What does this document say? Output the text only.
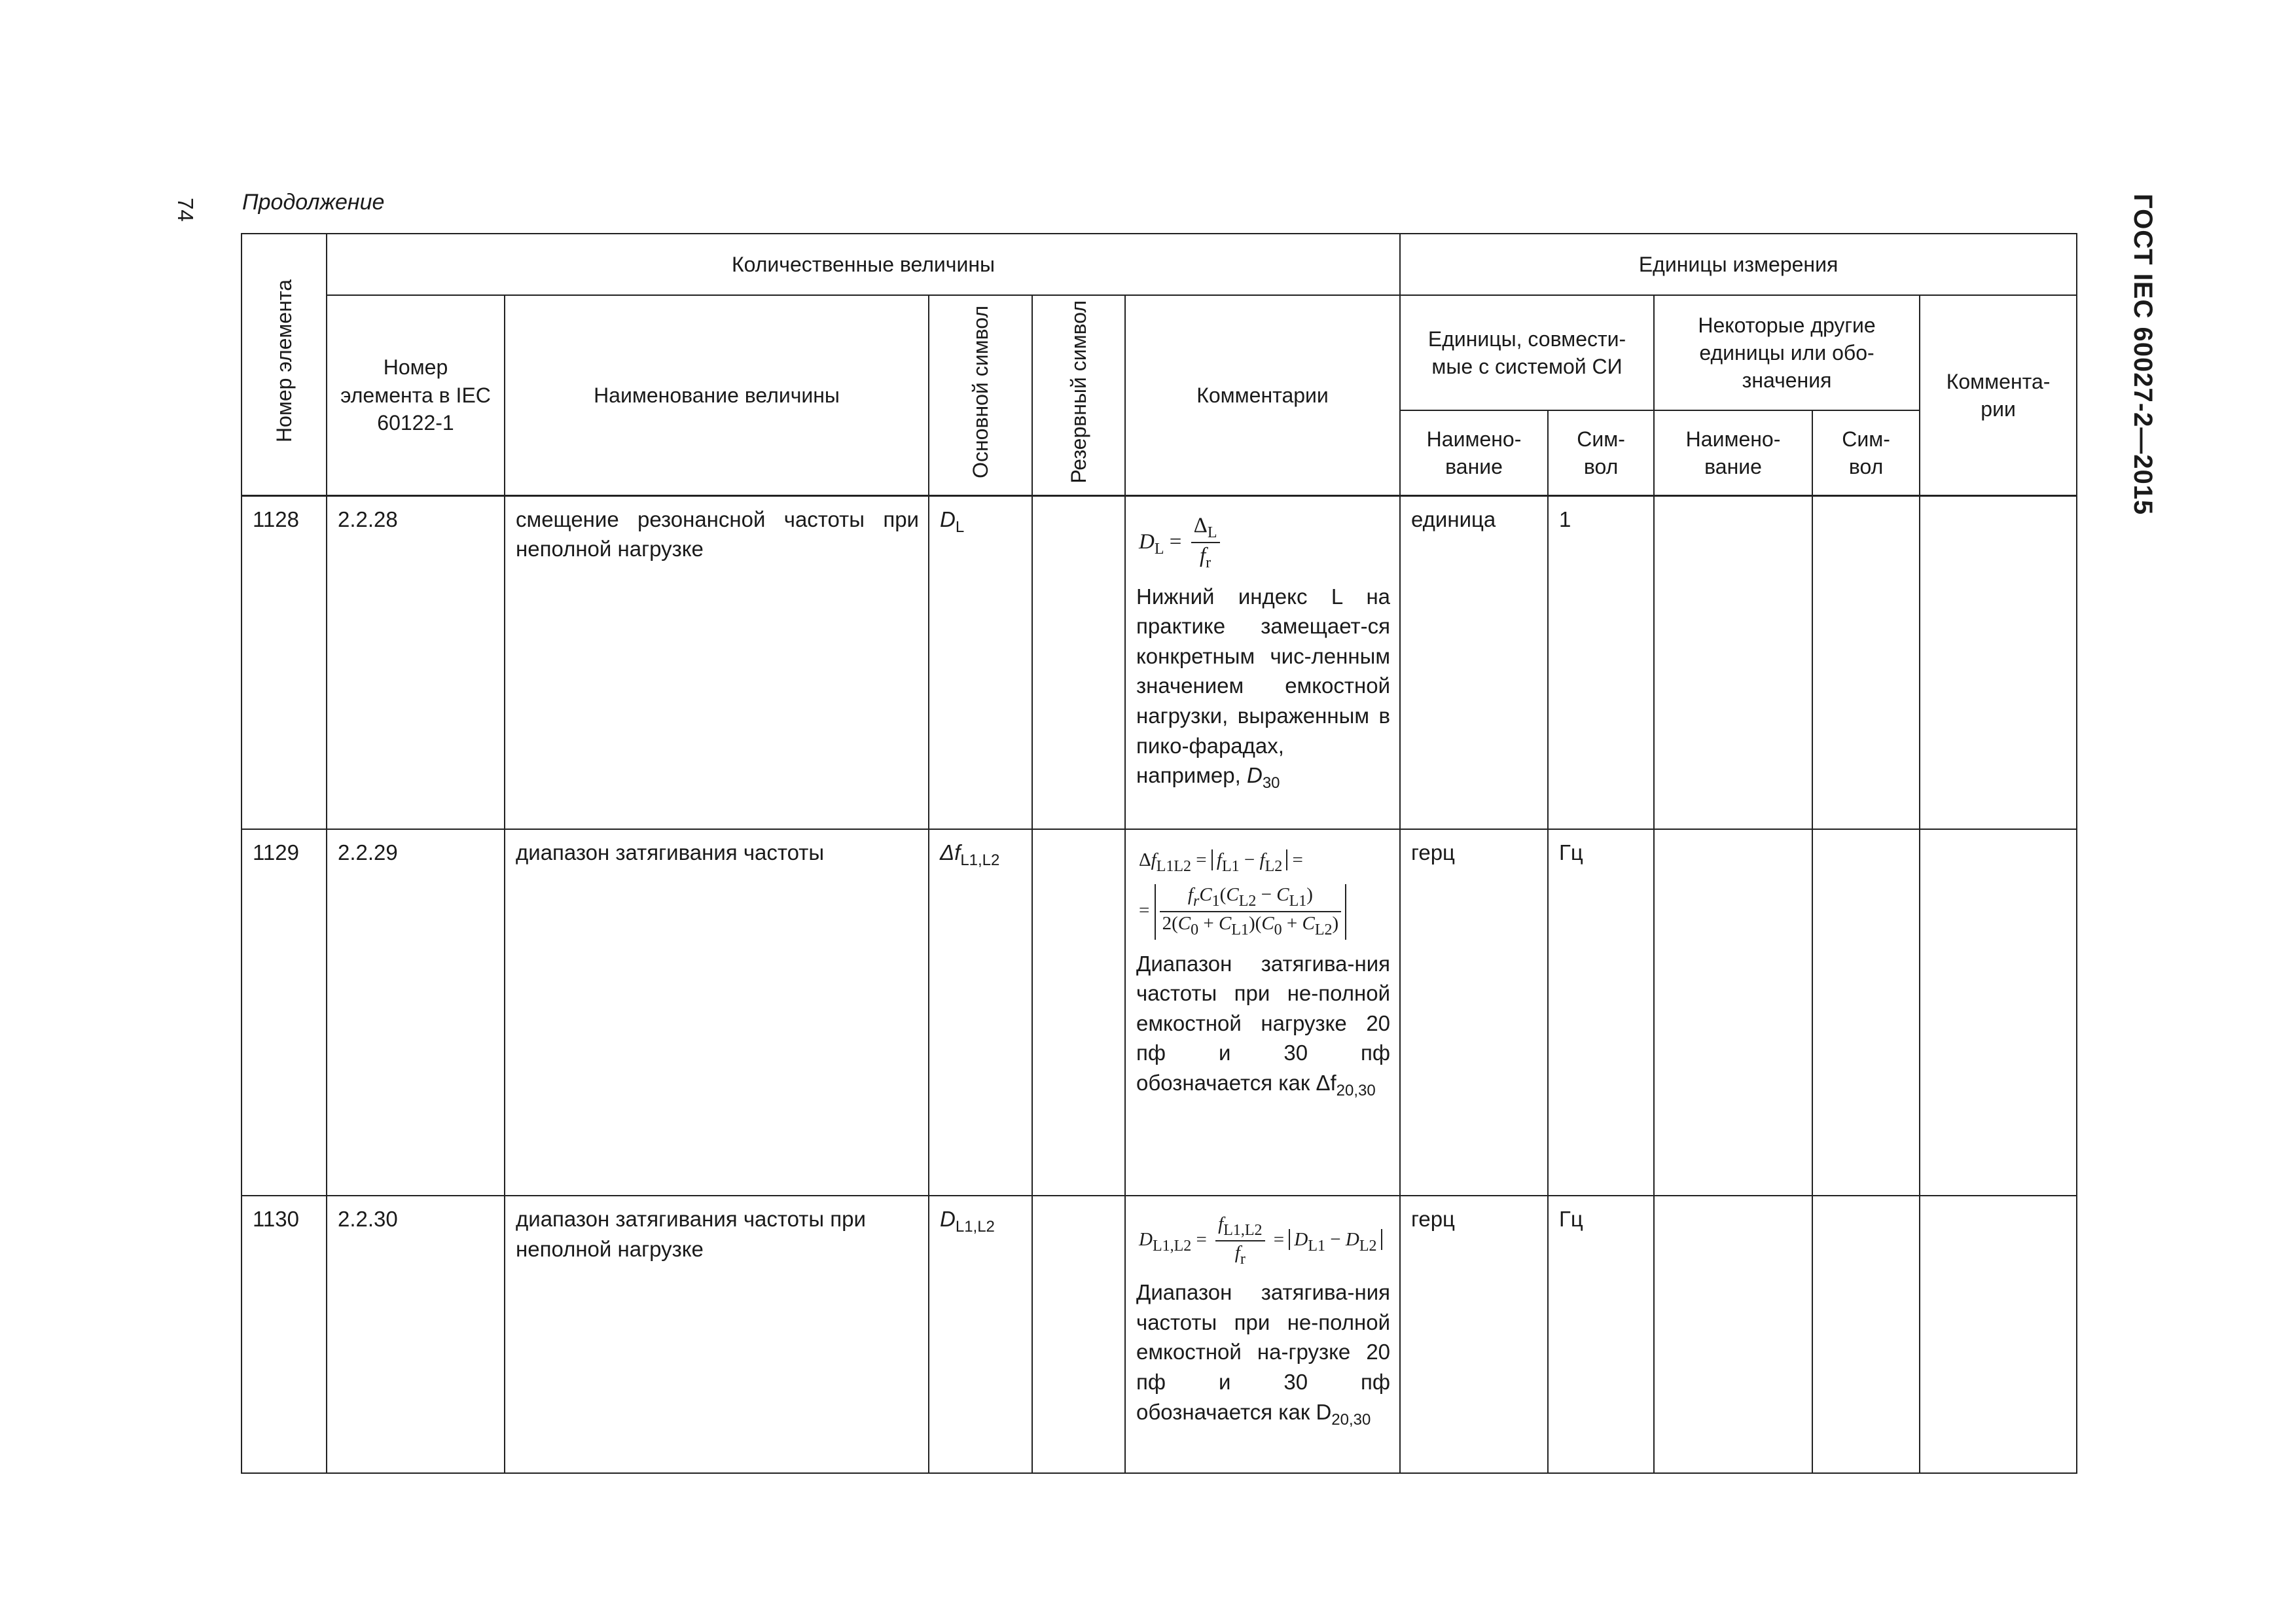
74 Продолжение	ГОСТ IEC 60027-2—2015
Номер элемента	Количественные величины					Единицы измерения				

	Номер элемента в IEC 60122-1	Наименование величины	Основной символ	Резервный символ	Комментарии	Единицы, совмести-мые с системой СИ		Некоторые другие единицы или обо-значения		Коммента-рии

						Наимено-вание	Сим-вол	Наимено-вание	Сим-вол	

1128	2.2.28	смещение резонансной частоты при неполной нагрузке	$D_L$		$D_L = \frac{\Delta_L}{f_r}$
Нижний индекс L на практике замещает-ся конкретным чис-ленным значением емкостной нагрузки, выраженным в пико-фарадах, например, $D_{30}$	единица	1			

1129	2.2.29	диапазон затягивания частоты	$\Delta f_{L1,L2}$		$\Delta f_{L1L2} = f_{L1} - f_{L2}$ =
= $\frac{f_rC_1(C_{L2} - C_{L1})}{2(C_0 + C_{L1})(C_0 + C_{L2})}$
Диапазон затягива-ния частоты при не-полной емкостной нагрузке 20 пф и 30 пф обозначается как $\Delta f_{20,30}$	герц	Гц			

1130	2.2.30	диапазон затягивания частоты при неполной нагрузке	$D_{L1,L2}$		$D_{L1,L2} = \frac{f_{L1,L2}}{f_r} = D_{L1} - D_{L2}$
Диапазон затягива-ния частоты при не-полной емкостной на-грузке 20 пф и 30 пф обозначается как $D_{20,30}$	герц	Гц			
